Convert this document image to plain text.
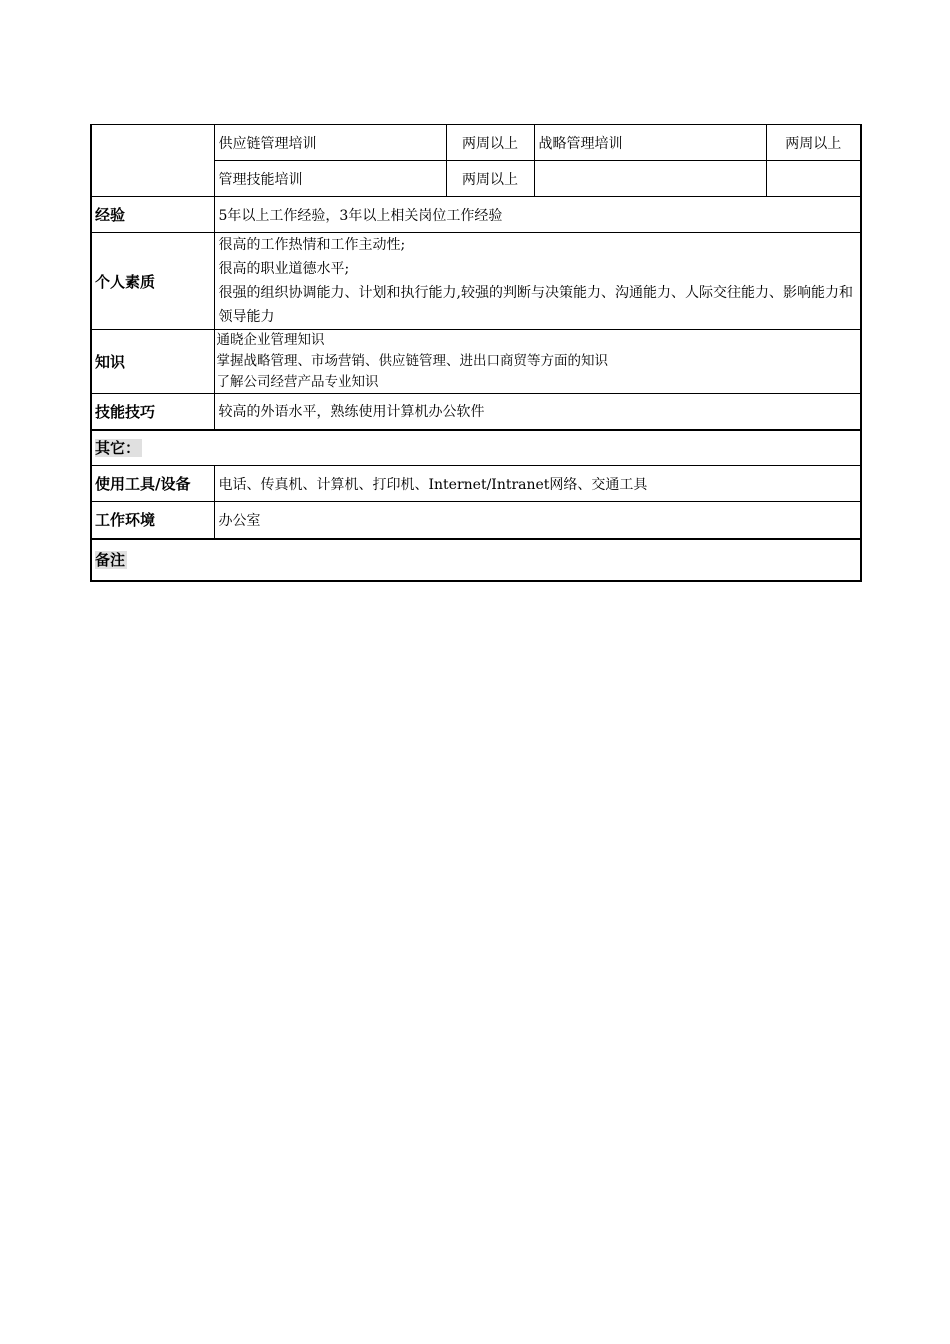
	供应链管理培训	两周以上	战略管理培训	两周以上
	管理技能培训	两周以上		
经验	5年以上工作经验，3年以上相关岗位工作经验			
个人素质	很高的工作热情和工作主动性;
很高的职业道德水平;
很强的组织协调能力、计划和执行能力,较强的判断与决策能力、沟通能力、人际交往能力、影响能力和领导能力			

知识	通晓企业管理知识
掌握战略管理、市场营销、供应链管理、进出口商贸等方面的知识
了解公司经营产品专业知识			

技能技巧	较高的外语水平，熟练使用计算机办公软件			
其它：				
使用工具/设备	电话、传真机、计算机、打印机、Internet/Intranet网络、交通工具			
工作环境	办公室			
备注				
